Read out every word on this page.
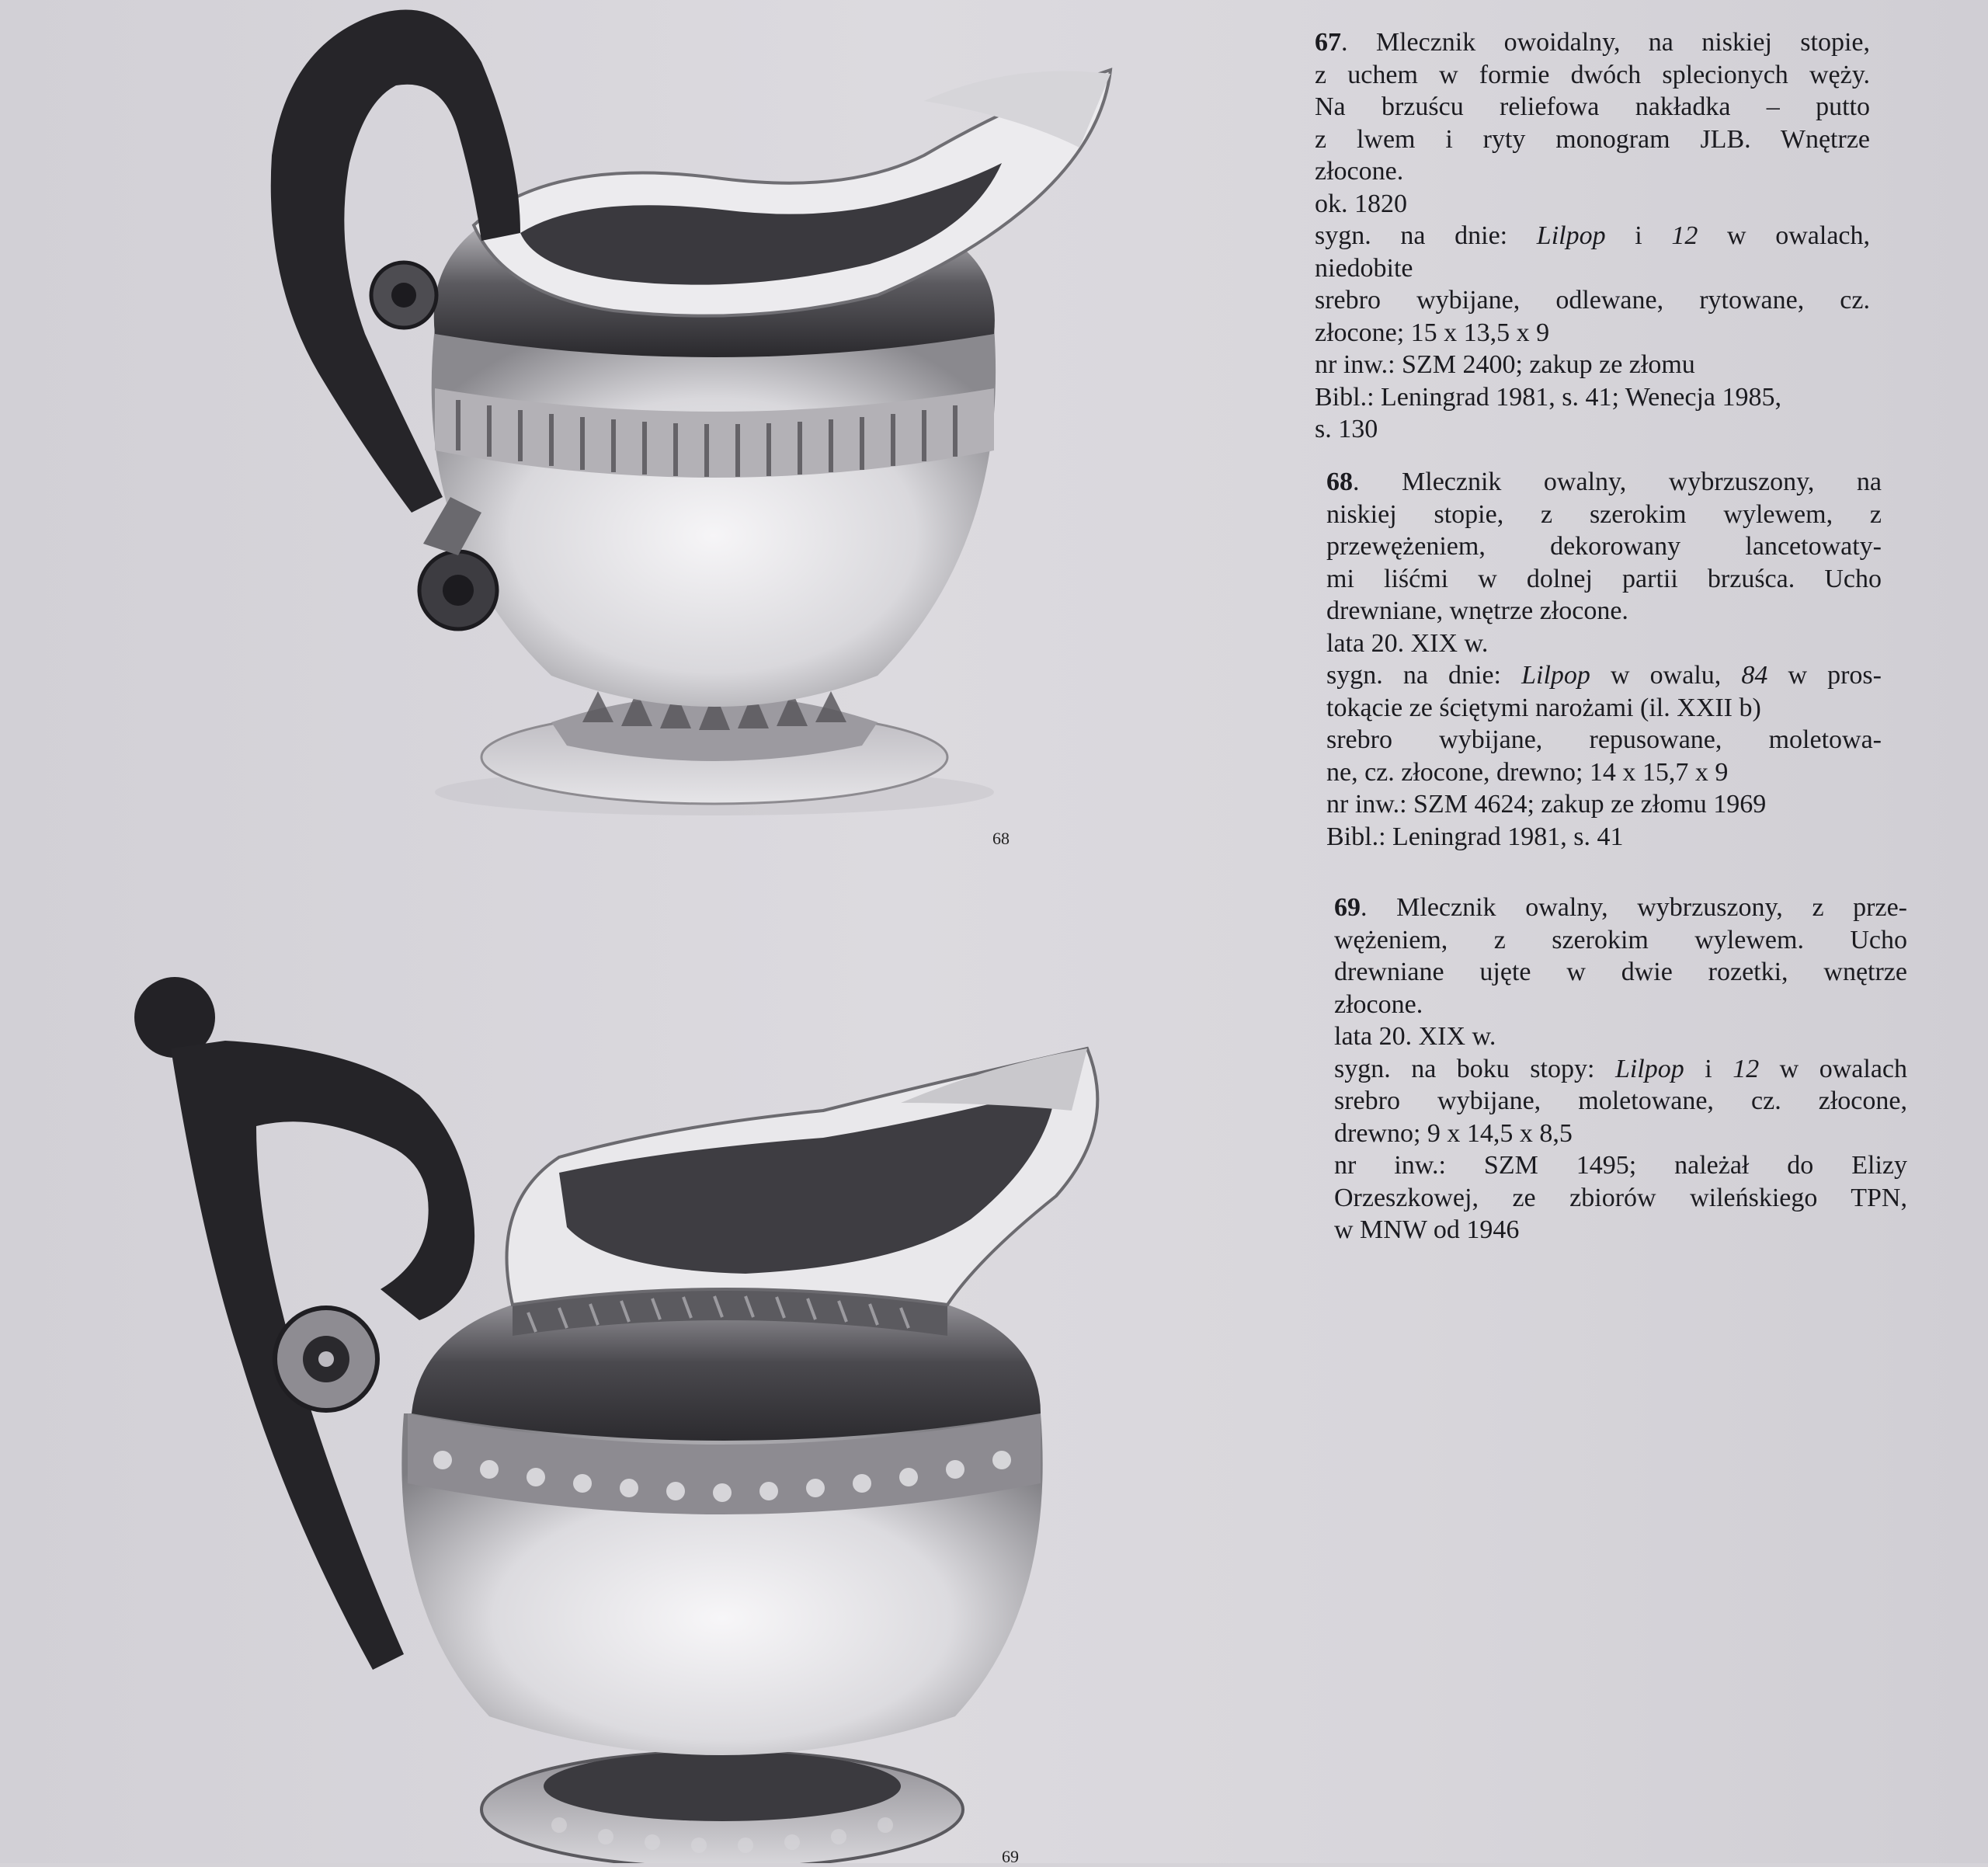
68
69

67. Mlecznik owoidalny, na niskiej stopie,

z uchem w formie dwóch splecionych węży.

Na brzuścu reliefowa nakładka – putto

z lwem i ryty monogram JLB. Wnętrze

złocone.

ok. 1820

sygn. na dnie: Lilpop i 12 w owalach,

niedobite

srebro wybijane, odlewane, rytowane, cz.

złocone; 15 x 13,5 x 9

nr inw.: SZM 2400; zakup ze złomu

Bibl.: Leningrad 1981, s. 41; Wenecja 1985,

s. 130

68. Mlecznik owalny, wybrzuszony, na

niskiej stopie, z szerokim wylewem, z

przewężeniem, dekorowany lancetowaty-

mi liśćmi w dolnej partii brzuśca. Ucho

drewniane, wnętrze złocone.

lata 20. XIX w.

sygn. na dnie: Lilpop w owalu, 84 w pros-

tokącie ze ściętymi narożami (il. XXII b)

srebro wybijane, repusowane, moletowa-

ne, cz. złocone, drewno; 14 x 15,7 x 9

nr inw.: SZM 4624; zakup ze złomu 1969

Bibl.: Leningrad 1981, s. 41

69. Mlecznik owalny, wybrzuszony, z prze-

wężeniem, z szerokim wylewem. Ucho

drewniane ujęte w dwie rozetki, wnętrze

złocone.

lata 20. XIX w.

sygn. na boku stopy: Lilpop i 12 w owalach

srebro wybijane, moletowane, cz. złocone,

drewno; 9 x 14,5 x 8,5

nr inw.: SZM 1495; należał do Elizy

Orzeszkowej, ze zbiorów wileńskiego TPN,

w MNW od 1946
